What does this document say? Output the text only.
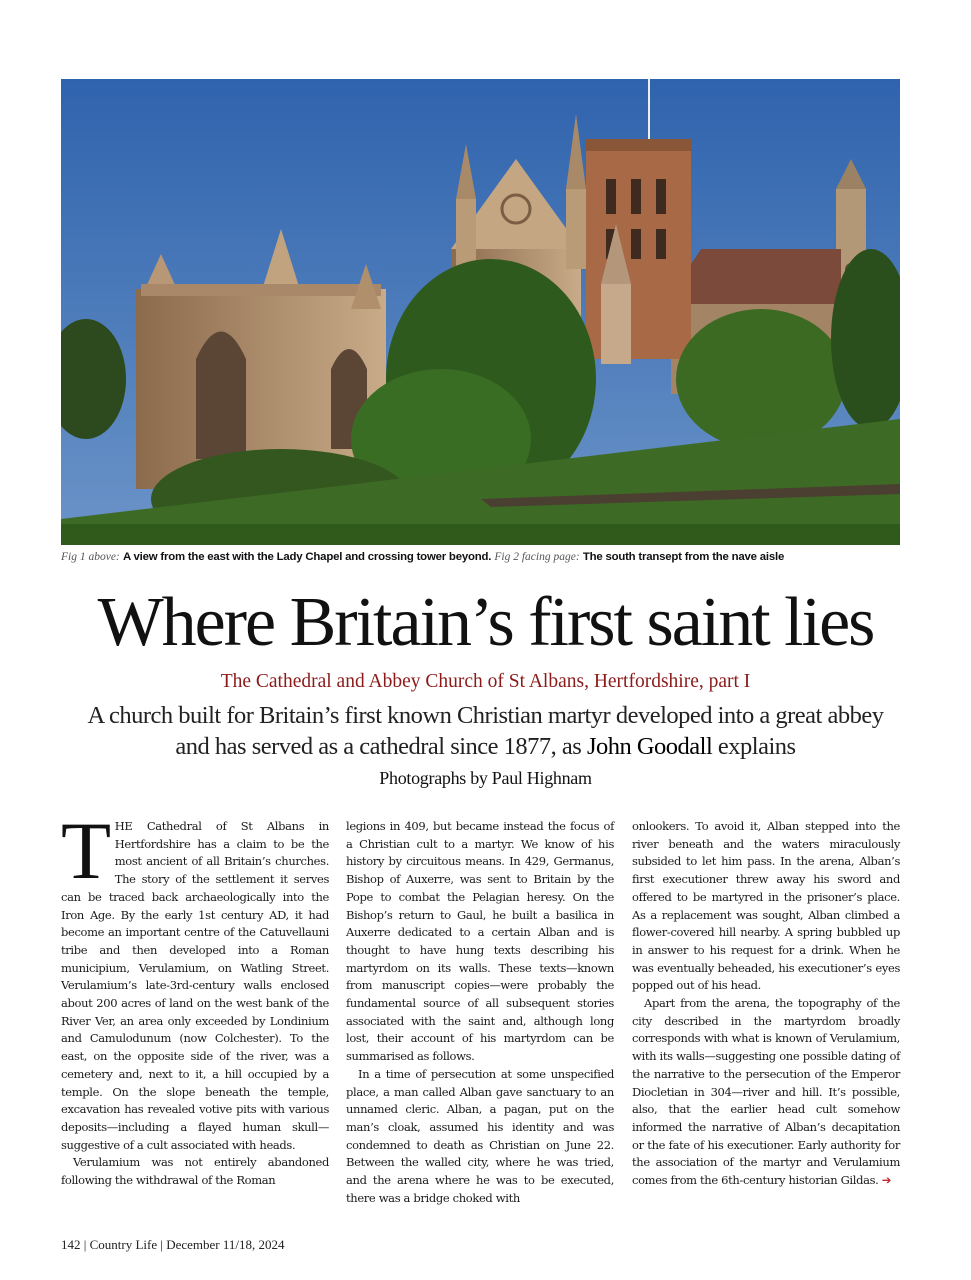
Fig 1 above: A view from the east with the Lady Chapel and crossing tower beyond. Fig 2 facing page: The south transept from the nave aisle
Where Britain’s first saint lies

The Cathedral and Abbey Church of St Albans, Hertfordshire, part I

A church built for Britain’s first known Christian martyr developed into a great abbey and has served as a cathedral since 1877, as John Goodall explains

Photographs by Paul Highnam

THE Cathedral of St Albans in Hertfordshire has a claim to be the most ancient of all Britain’s churches. The story of the settlement it serves can be traced back archaeologically into the Iron Age. By the early 1st century AD, it had become an important centre of the Catuvellauni tribe and then developed into a Roman municipium, Verulamium, on Watling Street. Verulamium’s late-3rd-century walls enclosed about 200 acres of land on the west bank of the River Ver, an area only exceeded by Londinium and Camulodunum (now Colchester). To the east, on the opposite side of the river, was a cemetery and, next to it, a hill occupied by a temple. On the slope beneath the temple, excavation has revealed votive pits with various deposits—including a flayed human skull—suggestive of a cult associated with heads.

Verulamium was not entirely abandoned following the withdrawal of the Roman

legions in 409, but became instead the focus of a Christian cult to a martyr. We know of his history by circuitous means. In 429, Germanus, Bishop of Auxerre, was sent to Britain by the Pope to combat the Pelagian heresy. On the Bishop’s return to Gaul, he built a basilica in Auxerre dedicated to a certain Alban and is thought to have hung texts describing his martyrdom on its walls. These texts—known from manuscript copies—were probably the fundamental source of all subsequent stories associated with the saint and, although long lost, their account of his martyrdom can be summarised as follows.

In a time of persecution at some unspecified place, a man called Alban gave sanctuary to an unnamed cleric. Alban, a pagan, put on the man’s cloak, assumed his identity and was condemned to death as Christian on June 22. Between the walled city, where he was tried, and the arena where he was to be executed, there was a bridge choked with

onlookers. To avoid it, Alban stepped into the river beneath and the waters miraculously subsided to let him pass. In the arena, Alban’s first executioner threw away his sword and offered to be martyred in the prisoner’s place. As a replacement was sought, Alban climbed a flower-covered hill nearby. A spring bubbled up in answer to his request for a drink. When he was eventually beheaded, his executioner’s eyes popped out of his head.

Apart from the arena, the topography of the city described in the martyrdom broadly corresponds with what is known of Verulamium, with its walls—suggesting one possible dating of the narrative to the persecution of the Emperor Diocletian in 304—river and hill. It’s possible, also, that the earlier head cult somehow informed the narrative of Alban’s decapitation or the fate of his executioner. Early authority for the association of the martyr and Verulamium comes from the 6th-century historian Gildas. ➔

142 | Country Life | December 11/18, 2024
